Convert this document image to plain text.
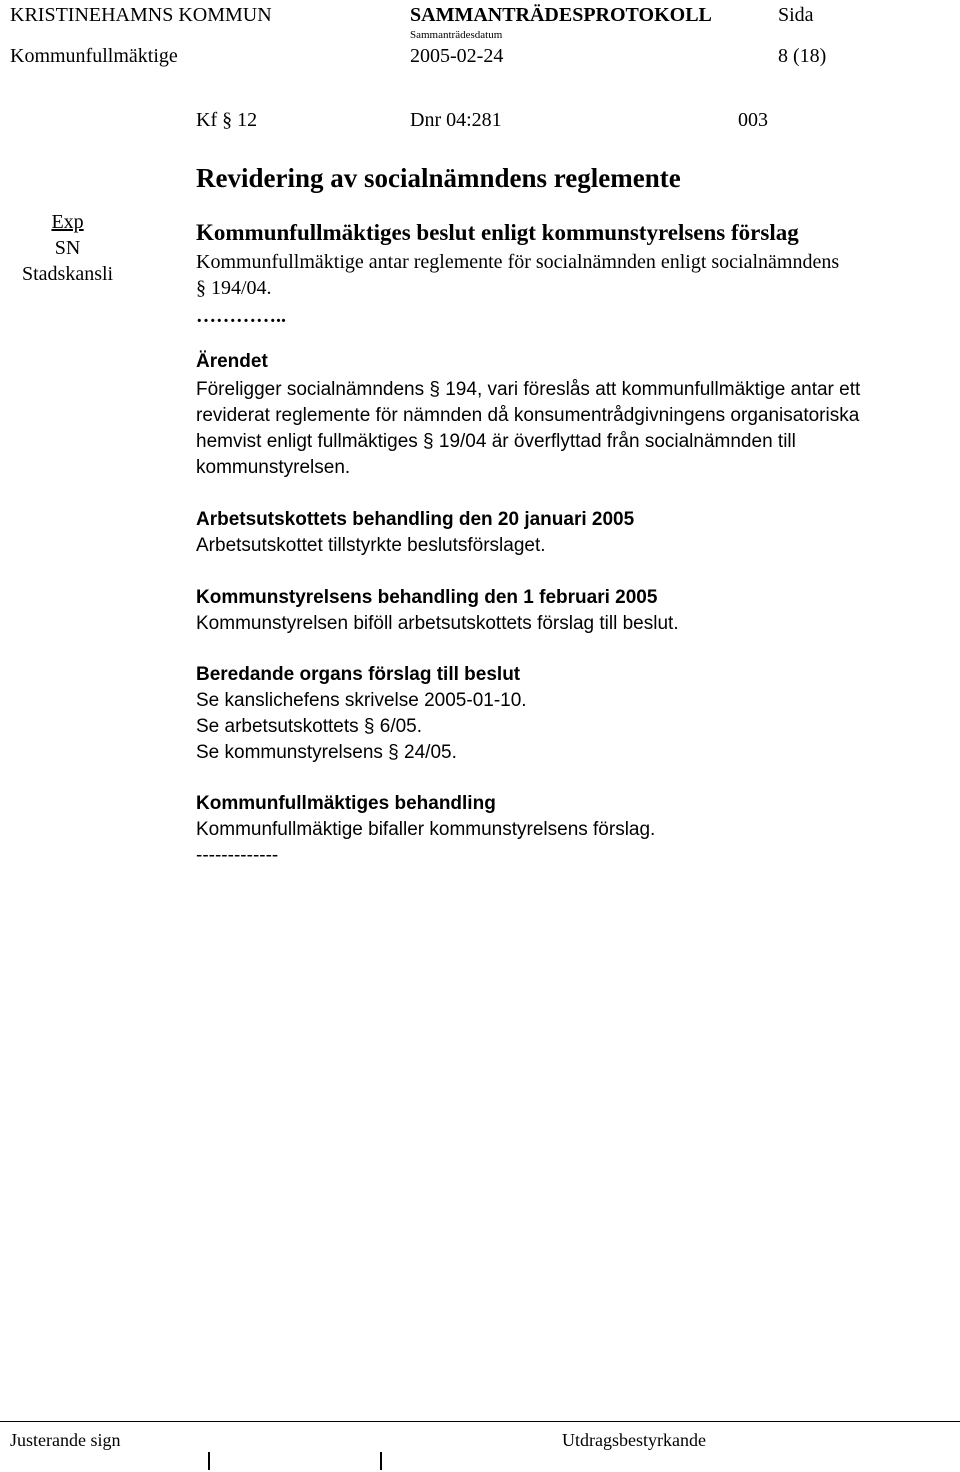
KRISTINEHAMNS KOMMUN	SAMMANTRÄDESPROTOKOLL	Sida
Sammanträdesdatum
Kommunfullmäktige	2005-02-24	8 (18)
Kf § 12	Dnr 04:281	003
Revidering av socialnämndens reglemente
Exp
SN
Stadskansli
Kommunfullmäktiges beslut enligt kommunstyrelsens förslag
Kommunfullmäktige antar reglemente för socialnämnden enligt socialnämndens
§ 194/04.
…………..
Ärendet
Föreligger socialnämndens § 194, vari föreslås att kommunfullmäktige antar ett
reviderat reglemente för nämnden då konsumentrådgivningens organisatoriska
hemvist enligt fullmäktiges § 19/04 är överflyttad från socialnämnden till
kommunstyrelsen.
Arbetsutskottets behandling den 20 januari 2005
Arbetsutskottet tillstyrkte beslutsförslaget.
Kommunstyrelsens behandling den 1 februari 2005
Kommunstyrelsen biföll arbetsutskottets förslag till beslut.
Beredande organs förslag till beslut
Se kanslichefens skrivelse 2005-01-10.
Se arbetsutskottets § 6/05.
Se kommunstyrelsens § 24/05.
Kommunfullmäktiges behandling
Kommunfullmäktige bifaller kommunstyrelsens förslag.
-------------
Justerande sign	Utdragsbestyrkande
